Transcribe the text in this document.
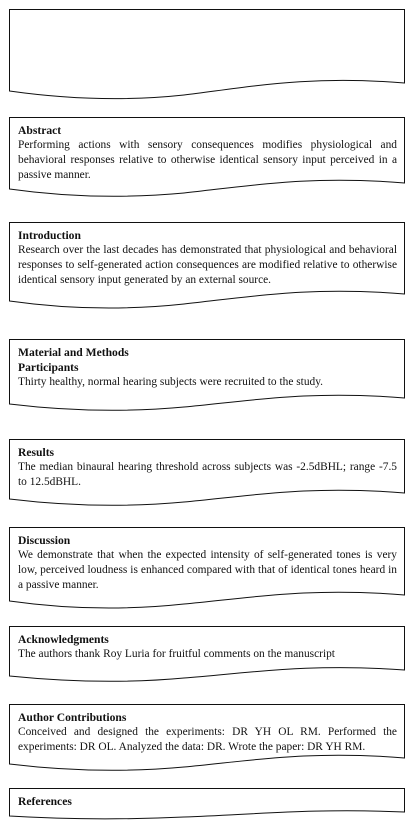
Abstract
Performing actions with sensory consequences modifies physiological and behavioral responses relative to otherwise identical sensory input perceived in a passive manner.
Introduction
Research over the last decades has demonstrated that physiological and behavioral responses to self-generated action consequences are modified relative to otherwise identical sensory input generated by an external source.
Material and Methods
Participants
Thirty healthy, normal hearing subjects were recruited to the study.
Results
The median binaural hearing threshold across subjects was -2.5dBHL; range -7.5 to 12.5dBHL.
Discussion
We demonstrate that when the expected intensity of self-generated tones is very low, perceived loudness is enhanced compared with that of identical tones heard in a passive manner.
Acknowledgments
The authors thank Roy Luria for fruitful comments on the manuscript
Author Contributions
Conceived and designed the experiments: DR YH OL RM. Performed the experiments: DR OL. Analyzed the data: DR. Wrote the paper: DR YH RM.
References
